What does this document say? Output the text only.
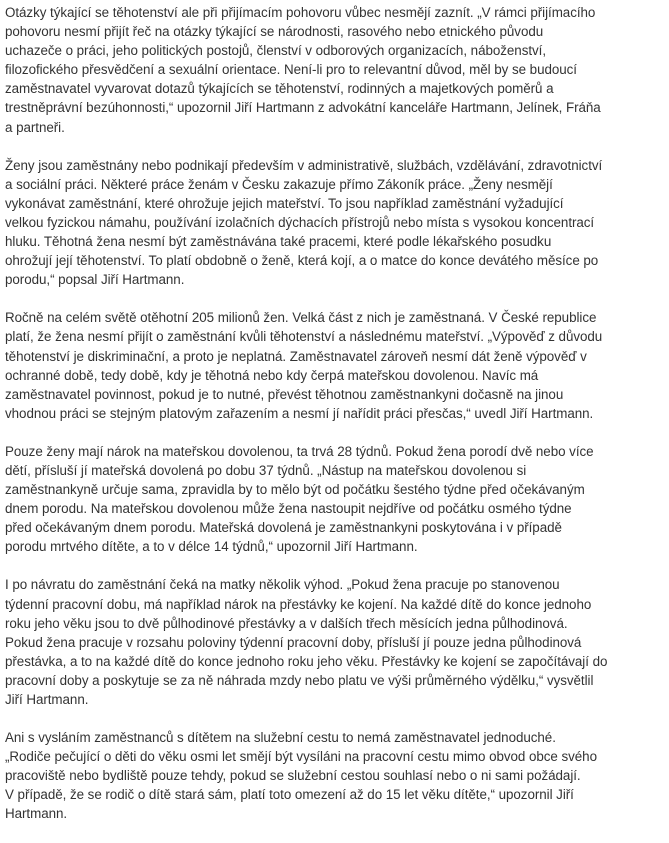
Otázky týkající se těhotenství ale při přijímacím pohovoru vůbec nesmějí zaznít. „V rámci přijímacího
pohovoru nesmí přijít řeč na otázky týkající se národnosti, rasového nebo etnického původu
uchazeče o práci, jeho politických postojů, členství v odborových organizacích, náboženství,
filozofického přesvědčení a sexuální orientace. Není-li pro to relevantní důvod, měl by se budoucí
zaměstnavatel vyvarovat dotazů týkajících se těhotenství, rodinných a majetkových poměrů a
trestněprávní bezúhonnosti,“ upozornil Jiří Hartmann z advokátní kanceláře Hartmann, Jelínek, Fráňa
a partneři.

Ženy jsou zaměstnány nebo podnikají především v administrativě, službách, vzdělávání, zdravotnictví
a sociální práci. Některé práce ženám v Česku zakazuje přímo Zákoník práce. „Ženy nesmějí
vykonávat zaměstnání, které ohrožuje jejich mateřství. To jsou například zaměstnání vyžadující
velkou fyzickou námahu, používání izolačních dýchacích přístrojů nebo místa s vysokou koncentrací
hluku. Těhotná žena nesmí být zaměstnávána také pracemi, které podle lékařského posudku
ohrožují její těhotenství. To platí obdobně o ženě, která kojí, a o matce do konce devátého měsíce po
porodu,“ popsal Jiří Hartmann.

Ročně na celém světě otěhotní 205 milionů žen. Velká část z nich je zaměstnaná. V České republice
platí, že žena nesmí přijít o zaměstnání kvůli těhotenství a následnému mateřství. „Výpověď z důvodu
těhotenství je diskriminační, a proto je neplatná. Zaměstnavatel zároveň nesmí dát ženě výpověď v
ochranné době, tedy době, kdy je těhotná nebo kdy čerpá mateřskou dovolenou. Navíc má
zaměstnavatel povinnost, pokud je to nutné, převést těhotnou zaměstnankyni dočasně na jinou
vhodnou práci se stejným platovým zařazením a nesmí jí nařídit práci přesčas,“ uvedl Jiří Hartmann.

Pouze ženy mají nárok na mateřskou dovolenou, ta trvá 28 týdnů. Pokud žena porodí dvě nebo více
dětí, přísluší jí mateřská dovolená po dobu 37 týdnů. „Nástup na mateřskou dovolenou si
zaměstnankyně určuje sama, zpravidla by to mělo být od počátku šestého týdne před očekávaným
dnem porodu. Na mateřskou dovolenou může žena nastoupit nejdříve od počátku osmého týdne
před očekávaným dnem porodu. Mateřská dovolená je zaměstnankyni poskytována i v případě
porodu mrtvého dítěte, a to v délce 14 týdnů,“ upozornil Jiří Hartmann.

I po návratu do zaměstnání čeká na matky několik výhod. „Pokud žena pracuje po stanovenou
týdenní pracovní dobu, má například nárok na přestávky ke kojení. Na každé dítě do konce jednoho
roku jeho věku jsou to dvě půlhodinové přestávky a v dalších třech měsících jedna půlhodinová.
Pokud žena pracuje v rozsahu poloviny týdenní pracovní doby, přísluší jí pouze jedna půlhodinová
přestávka, a to na každé dítě do konce jednoho roku jeho věku. Přestávky ke kojení se započítávají do
pracovní doby a poskytuje se za ně náhrada mzdy nebo platu ve výši průměrného výdělku,“ vysvětlil
Jiří Hartmann.

Ani s vysláním zaměstnanců s dítětem na služební cestu to nemá zaměstnavatel jednoduché.
„Rodiče pečující o děti do věku osmi let smějí být vysíláni na pracovní cestu mimo obvod obce svého
pracoviště nebo bydliště pouze tehdy, pokud se služební cestou souhlasí nebo o ni sami požádají.
V případě, že se rodič o dítě stará sám, platí toto omezení až do 15 let věku dítěte,“ upozornil Jiří
Hartmann.
